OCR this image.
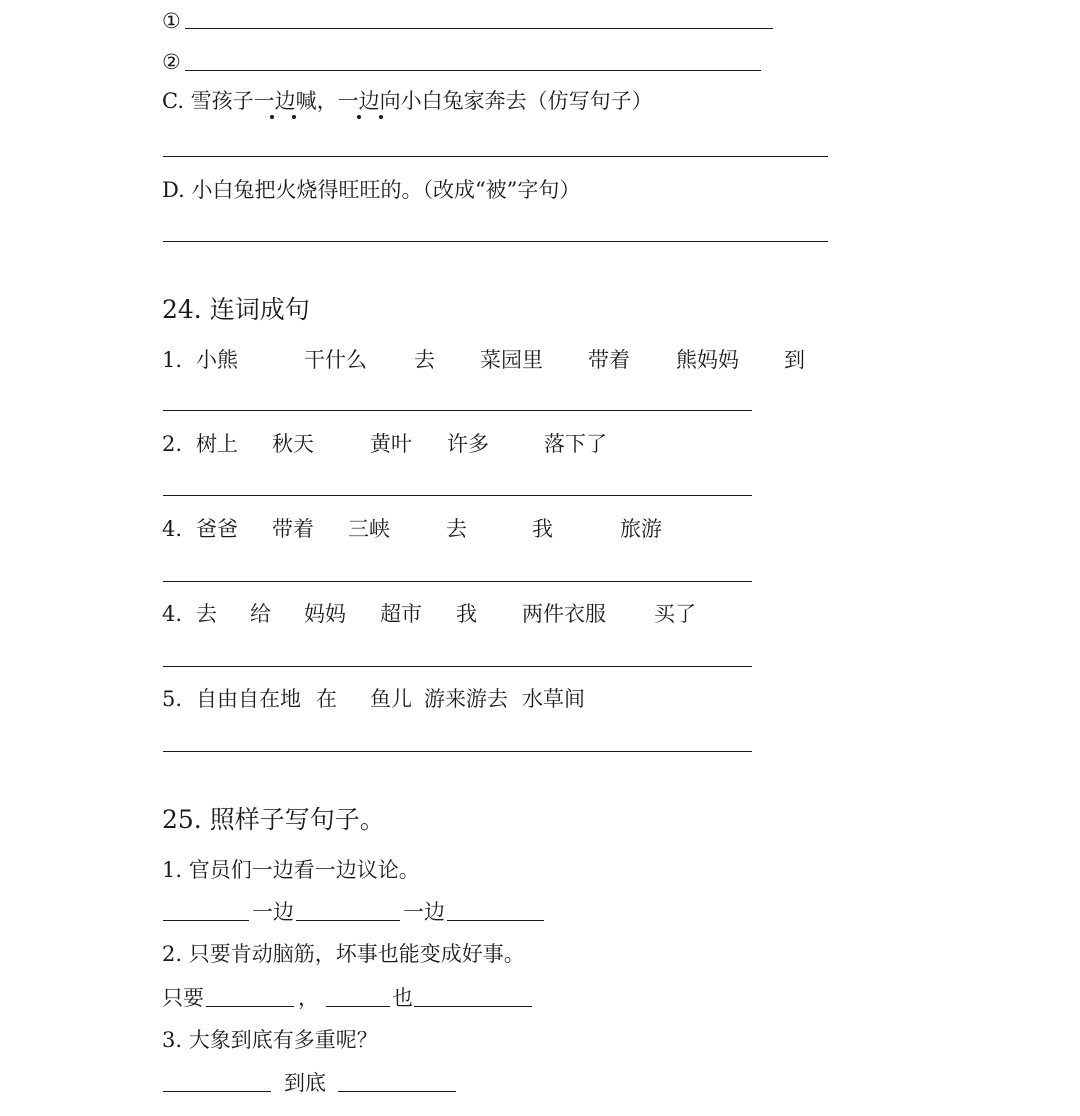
①
②
C. 雪孩子一边喊，一边向小白兔家奔去（仿写句子）
D. 小白兔把火烧得旺旺的。（改成“被”字句）
24. 连词成句
1. 小熊	干什么 去 菜园里 带着 熊妈妈 到
2. 树上 秋天	黄叶 许多	落下了
4. 爸爸 带着 三峡	去	我	旅游
4. 去 给 妈妈 超市 我 两件衣服 买了
5. 自由自在地 在 鱼儿 游来游去 水草间
25. 照样子写句子。
1. 官员们一边看一边议论。
一边	一边
2. 只要肯动脑筋，坏事也能变成好事。
只要	，	也
3. 大象到底有多重呢？
到底
